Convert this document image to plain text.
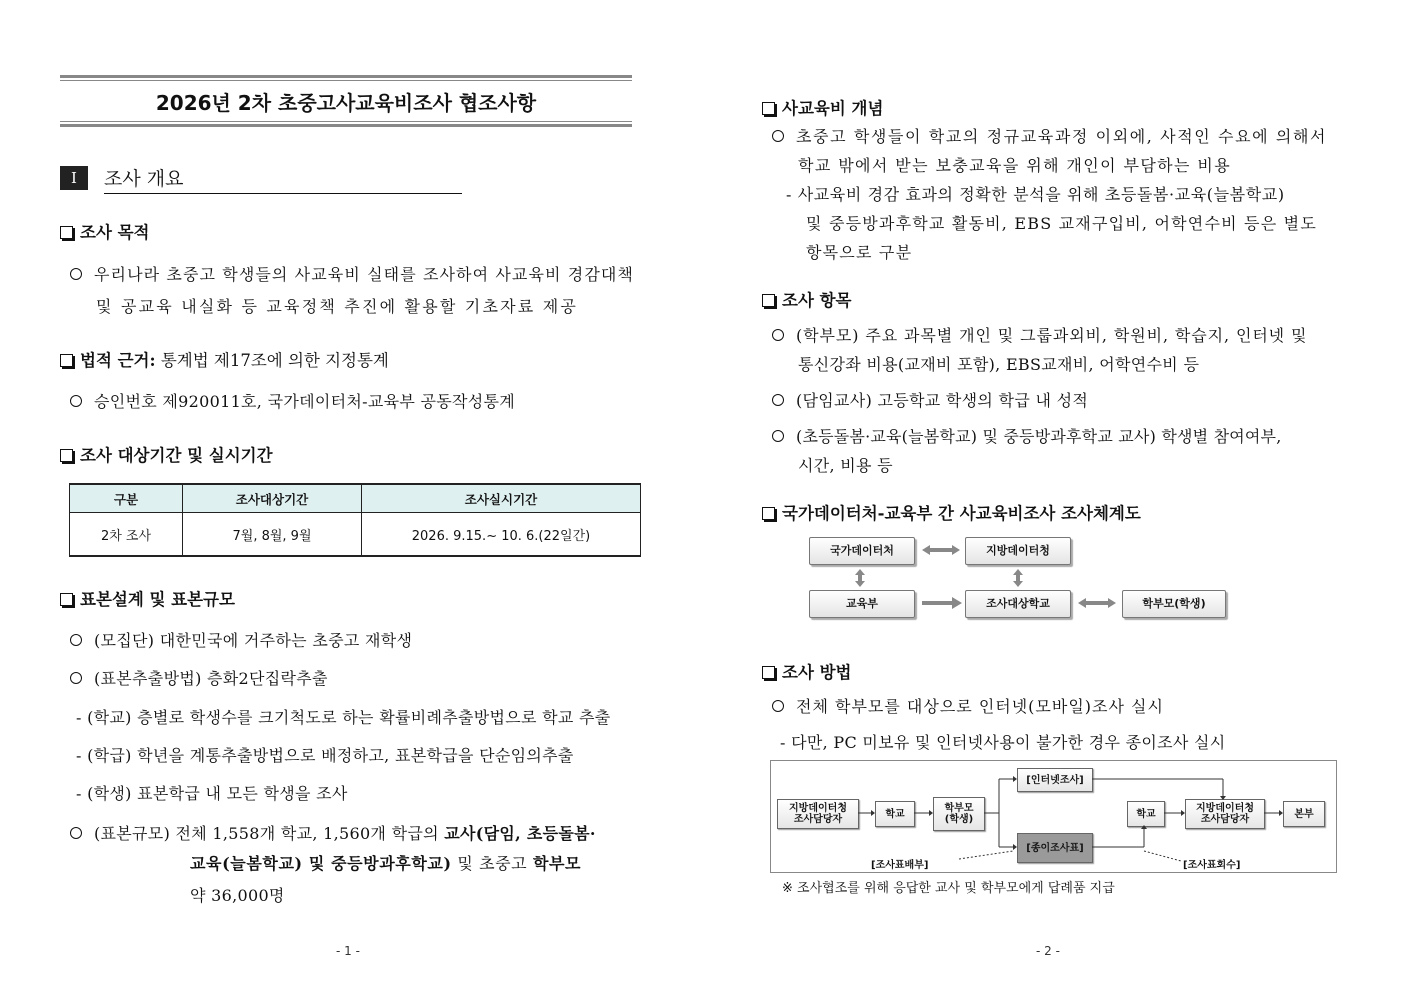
2026년 2차 초중고사교육비조사 협조사항
Ⅰ	조사 개요
조사 목적
우리나라 초중고 학생들의 사교육비 실태를 조사하여 사교육비 경감대책
및 공교육 내실화 등 교육정책 추진에 활용할 기초자료 제공
법적 근거: 통계법 제17조에 의한 지정통계
승인번호 제920011호, 국가데이터처-교육부 공동작성통계
조사 대상기간 및 실시기간
구분	조사대상기간	조사실시기간
2차 조사	7월, 8월, 9월	2026. 9.15.~ 10. 6.(22일간)
표본설계 및 표본규모
(모집단) 대한민국에 거주하는 초중고 재학생
(표본추출방법) 층화2단집락추출
- (학교) 층별로 학생수를 크기척도로 하는 확률비례추출방법으로 학교 추출
- (학급) 학년을 계통추출방법으로 배정하고, 표본학급을 단순임의추출
- (학생) 표본학급 내 모든 학생을 조사
(표본규모) 전체 1,558개 학교, 1,560개 학급의 교사(담임, 초등돌봄·
교육(늘봄학교) 및 중등방과후학교) 및 초중고 학부모
약 36,000명
- 1 -
사교육비 개념
초중고 학생들이 학교의 정규교육과정 이외에, 사적인 수요에 의해서
학교 밖에서 받는 보충교육을 위해 개인이 부담하는 비용
- 사교육비 경감 효과의 정확한 분석을 위해 초등돌봄·교육(늘봄학교)
및 중등방과후학교 활동비, EBS 교재구입비, 어학연수비 등은 별도
항목으로 구분
조사 항목
(학부모) 주요 과목별 개인 및 그룹과외비, 학원비, 학습지, 인터넷 및
통신강좌 비용(교재비 포함), EBS교재비, 어학연수비 등
(담임교사) 고등학교 학생의 학급 내 성적
(초등돌봄·교육(늘봄학교) 및 중등방과후학교 교사) 학생별 참여여부,
시간, 비용 등
국가데이터처-교육부 간 사교육비조사 조사체계도
국가데이터처	지방데이터청
교육부	조사대상학교	학부모(학생)
조사 방법
전체 학부모를 대상으로 인터넷(모바일)조사 실시
- 다만, PC 미보유 및 인터넷사용이 불가한 경우 종이조사 실시
지방데이터청
조사담당자	학교	학부모
(학생)
[인터넷조사]
[종이조사표]
학교	지방데이터청
조사담당자	본부
[조사표배부]	[조사표회수]
※ 조사협조를 위해 응답한 교사 및 학부모에게 답례품 지급
- 2 -
